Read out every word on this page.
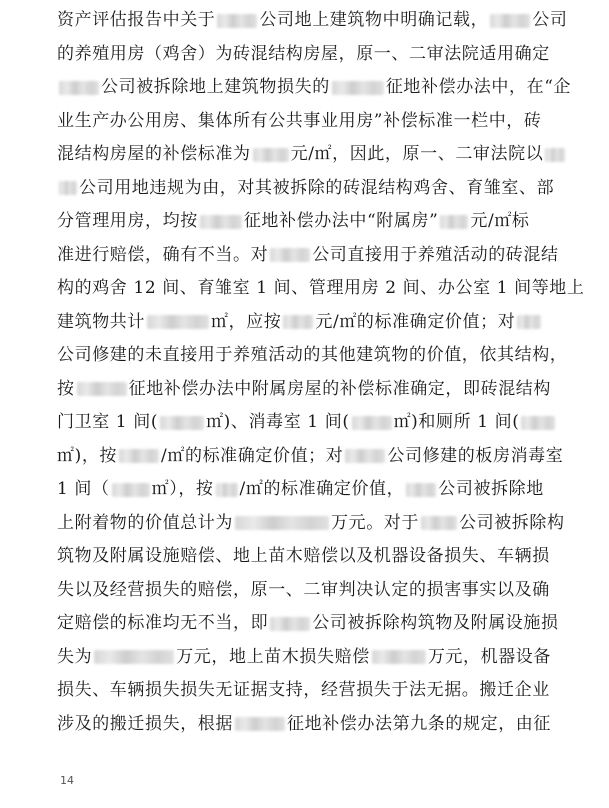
资产评估报告中关于	公司地上建筑物中明确记载，	公司
的养殖用房（鸡舍）为砖混结构房屋，原一、二审法院适用确定
公司被拆除地上建筑物损失的	征地补偿办法中，在“企
业生产办公用房、集体所有公共事业用房”补偿标准一栏中，砖
混结构房屋的补偿标准为 元/㎡，因此，原一、二审法院以
公司用地违规为由，对其被拆除的砖混结构鸡舍、育雏室、部
分管理用房，均按	征地补偿办法中“附属房” 元/㎡标
准进行赔偿，确有不当。对	公司直接用于养殖活动的砖混结
构的鸡舍 12 间、育雏室 1 间、管理用房 2 间、办公室 1 间等地上
建筑物共计	㎡，应按 元/㎡的标准确定价值；对
公司修建的未直接用于养殖活动的其他建筑物的价值，依其结构，
按	征地补偿办法中附属房屋的补偿标准确定，即砖混结构
门卫室 1 间(	㎡)、消毒室 1 间(	㎡)和厕所 1 间(
㎡)，按	/㎡的标准确定价值；对	公司修建的板房消毒室
1 间（ ㎡），按 /㎡的标准确定价值， 公司被拆除地
上附着物的价值总计为	万元。对于 公司被拆除构
筑物及附属设施赔偿、地上苗木赔偿以及机器设备损失、车辆损
失以及经营损失的赔偿，原一、二审判决认定的损害事实以及确
定赔偿的标准均无不当，即	公司被拆除构筑物及附属设施损
失为	万元，地上苗木损失赔偿	万元，机器设备
损失、车辆损失损失无证据支持，经营损失于法无据。搬迁企业
涉及的搬迁损失，根据	征地补偿办法第九条的规定，由征
14
